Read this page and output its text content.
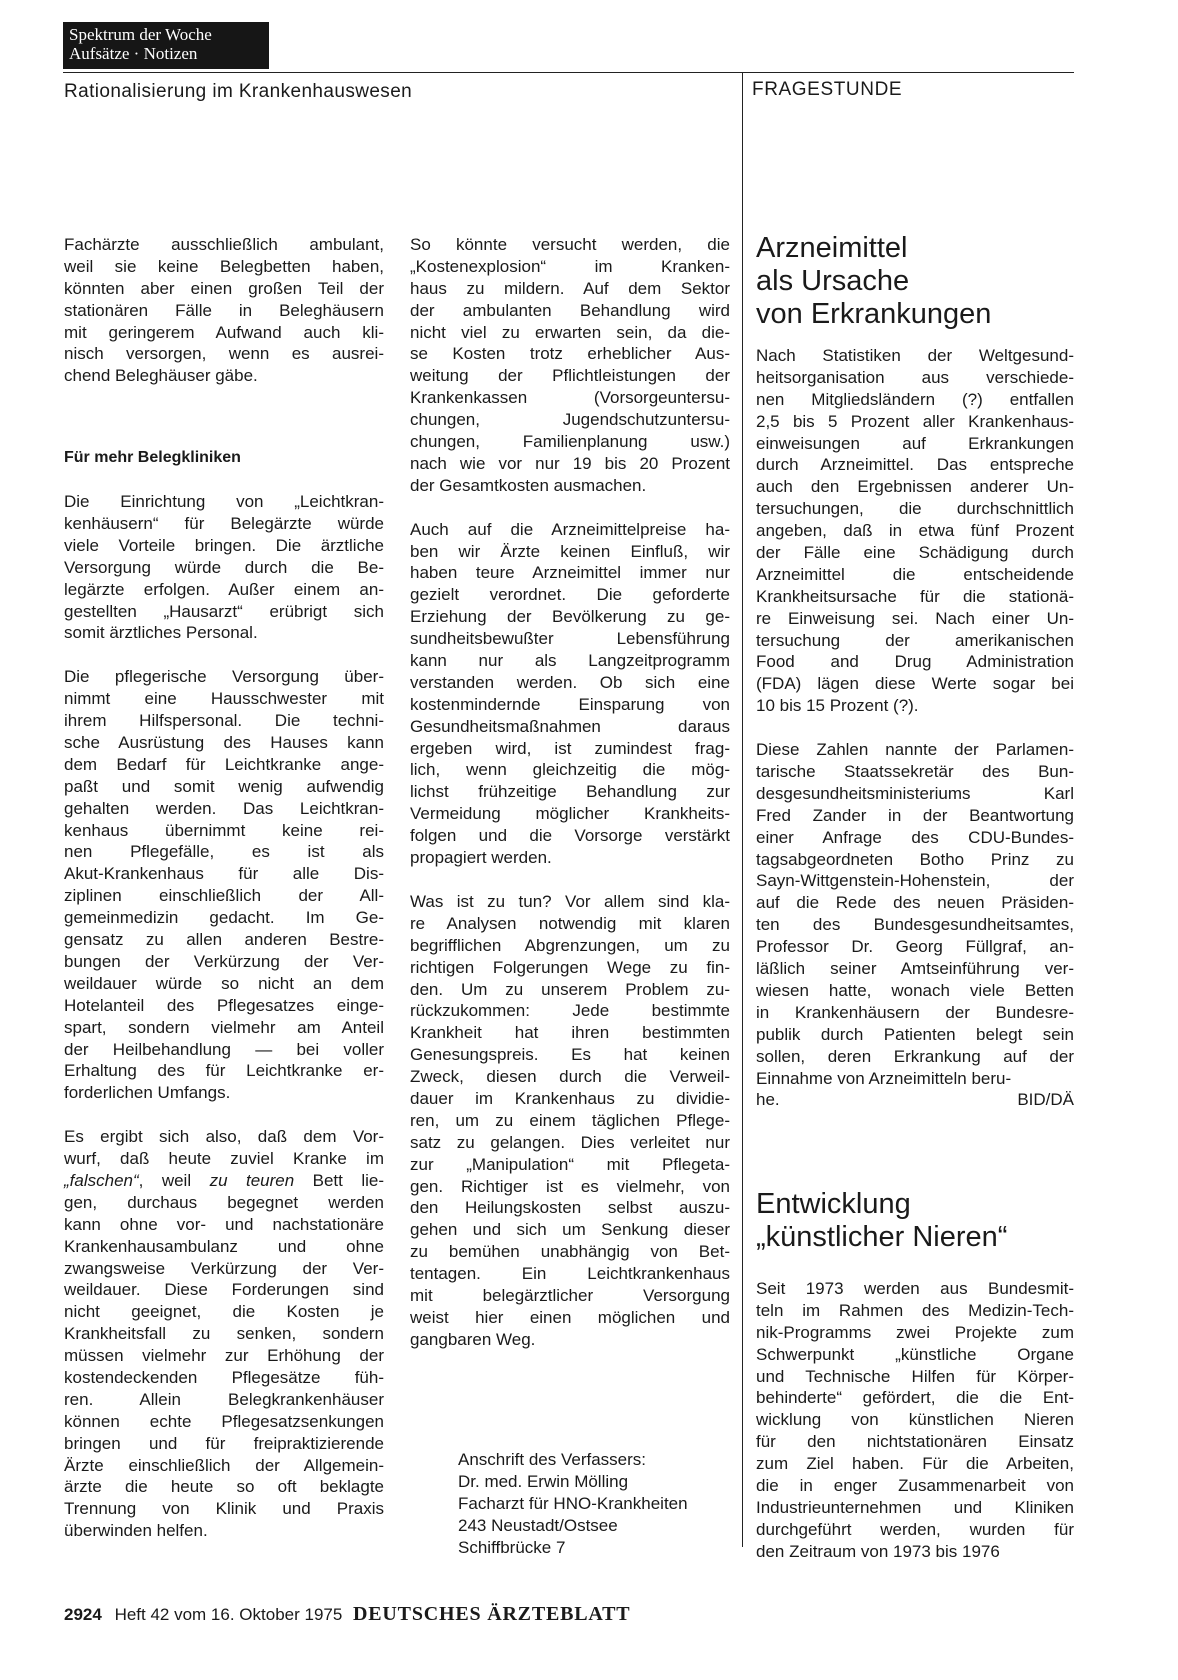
Spektrum der Woche
Aufsätze · Notizen
Rationalisierung im Krankenhauswesen	FRAGESTUNDE
Fachärzte ausschließlich ambulant,
weil sie keine Belegbetten haben,
könnten aber einen großen Teil der
stationären Fälle in Beleghäusern
mit geringerem Aufwand auch kli-
nisch versorgen, wenn es ausrei-
chend Beleghäuser gäbe.
Für mehr Belegkliniken
Die Einrichtung von „Leichtkran-
kenhäusern“ für Belegärzte würde
viele Vorteile bringen. Die ärztliche
Versorgung würde durch die Be-
legärzte erfolgen. Außer einem an-
gestellten „Hausarzt“ erübrigt sich
somit ärztliches Personal.
Die pflegerische Versorgung über-
nimmt eine Hausschwester mit
ihrem Hilfspersonal. Die techni-
sche Ausrüstung des Hauses kann
dem Bedarf für Leichtkranke ange-
paßt und somit wenig aufwendig
gehalten werden. Das Leichtkran-
kenhaus übernimmt keine rei-
nen Pflegefälle, es ist als
Akut-Krankenhaus für alle Dis-
ziplinen einschließlich der All-
gemeinmedizin gedacht. Im Ge-
gensatz zu allen anderen Bestre-
bungen der Verkürzung der Ver-
weildauer würde so nicht an dem
Hotelanteil des Pflegesatzes einge-
spart, sondern vielmehr am Anteil
der Heilbehandlung — bei voller
Erhaltung des für Leichtkranke er-
forderlichen Umfangs.
Es ergibt sich also, daß dem Vor-
wurf, daß heute zuviel Kranke im
„falschen“, weil zu teuren Bett lie-
gen, durchaus begegnet werden
kann ohne vor- und nachstationäre
Krankenhausambulanz und ohne
zwangsweise Verkürzung der Ver-
weildauer. Diese Forderungen sind
nicht geeignet, die Kosten je
Krankheitsfall zu senken, sondern
müssen vielmehr zur Erhöhung der
kostendeckenden Pflegesätze füh-
ren. Allein Belegkrankenhäuser
können echte Pflegesatzsenkungen
bringen und für freipraktizierende
Ärzte einschließlich der Allgemein-
ärzte die heute so oft beklagte
Trennung von Klinik und Praxis
überwinden helfen.
So könnte versucht werden, die
„Kostenexplosion“ im Kranken-
haus zu mildern. Auf dem Sektor
der ambulanten Behandlung wird
nicht viel zu erwarten sein, da die-
se Kosten trotz erheblicher Aus-
weitung der Pflichtleistungen der
Krankenkassen (Vorsorgeuntersu-
chungen, Jugendschutzuntersu-
chungen, Familienplanung usw.)
nach wie vor nur 19 bis 20 Prozent
der Gesamtkosten ausmachen.
Auch auf die Arzneimittelpreise ha-
ben wir Ärzte keinen Einfluß, wir
haben teure Arzneimittel immer nur
gezielt verordnet. Die geforderte
Erziehung der Bevölkerung zu ge-
sundheitsbewußter Lebensführung
kann nur als Langzeitprogramm
verstanden werden. Ob sich eine
kostenmindernde Einsparung von
Gesundheitsmaßnahmen daraus
ergeben wird, ist zumindest frag-
lich, wenn gleichzeitig die mög-
lichst frühzeitige Behandlung zur
Vermeidung möglicher Krankheits-
folgen und die Vorsorge verstärkt
propagiert werden.
Was ist zu tun? Vor allem sind kla-
re Analysen notwendig mit klaren
begrifflichen Abgrenzungen, um zu
richtigen Folgerungen Wege zu fin-
den. Um zu unserem Problem zu-
rückzukommen: Jede bestimmte
Krankheit hat ihren bestimmten
Genesungspreis. Es hat keinen
Zweck, diesen durch die Verweil-
dauer im Krankenhaus zu dividie-
ren, um zu einem täglichen Pflege-
satz zu gelangen. Dies verleitet nur
zur „Manipulation“ mit Pflegeta-
gen. Richtiger ist es vielmehr, von
den Heilungskosten selbst auszu-
gehen und sich um Senkung dieser
zu bemühen unabhängig von Bet-
tentagen. Ein Leichtkrankenhaus
mit belegärztlicher Versorgung
weist hier einen möglichen und
gangbaren Weg.
Anschrift des Verfassers:
Dr. med. Erwin Mölling
Facharzt für HNO-Krankheiten
243 Neustadt/Ostsee
Schiffbrücke 7
Arzneimittel
als Ursache
von Erkrankungen
Nach Statistiken der Weltgesund-
heitsorganisation aus verschiede-
nen Mitgliedsländern (?) entfallen
2,5 bis 5 Prozent aller Krankenhaus-
einweisungen auf Erkrankungen
durch Arzneimittel. Das entspreche
auch den Ergebnissen anderer Un-
tersuchungen, die durchschnittlich
angeben, daß in etwa fünf Prozent
der Fälle eine Schädigung durch
Arzneimittel die entscheidende
Krankheitsursache für die stationä-
re Einweisung sei. Nach einer Un-
tersuchung der amerikanischen
Food and Drug Administration
(FDA) lägen diese Werte sogar bei
10 bis 15 Prozent (?).
Diese Zahlen nannte der Parlamen-
tarische Staatssekretär des Bun-
desgesundheitsministeriums Karl
Fred Zander in der Beantwortung
einer Anfrage des CDU-Bundes-
tagsabgeordneten Botho Prinz zu
Sayn-Wittgenstein-Hohenstein, der
auf die Rede des neuen Präsiden-
ten des Bundesgesundheitsamtes,
Professor Dr. Georg Füllgraf, an-
läßlich seiner Amtseinführung ver-
wiesen hatte, wonach viele Betten
in Krankenhäusern der Bundesre-
publik durch Patienten belegt sein
sollen, deren Erkrankung auf der
Einnahme von Arzneimitteln beru-
he.	BID/DÄ
Entwicklung
„künstlicher Nieren“
Seit 1973 werden aus Bundesmit-
teln im Rahmen des Medizin-Tech-
nik-Programms zwei Projekte zum
Schwerpunkt „künstliche Organe
und Technische Hilfen für Körper-
behinderte“ gefördert, die die Ent-
wicklung von künstlichen Nieren
für den nichtstationären Einsatz
zum Ziel haben. Für die Arbeiten,
die in enger Zusammenarbeit von
Industrieunternehmen und Kliniken
durchgeführt werden, wurden für
den Zeitraum von 1973 bis 1976
2924 Heft 42 vom 16. Oktober 1975 DEUTSCHES ÄRZTEBLATT
